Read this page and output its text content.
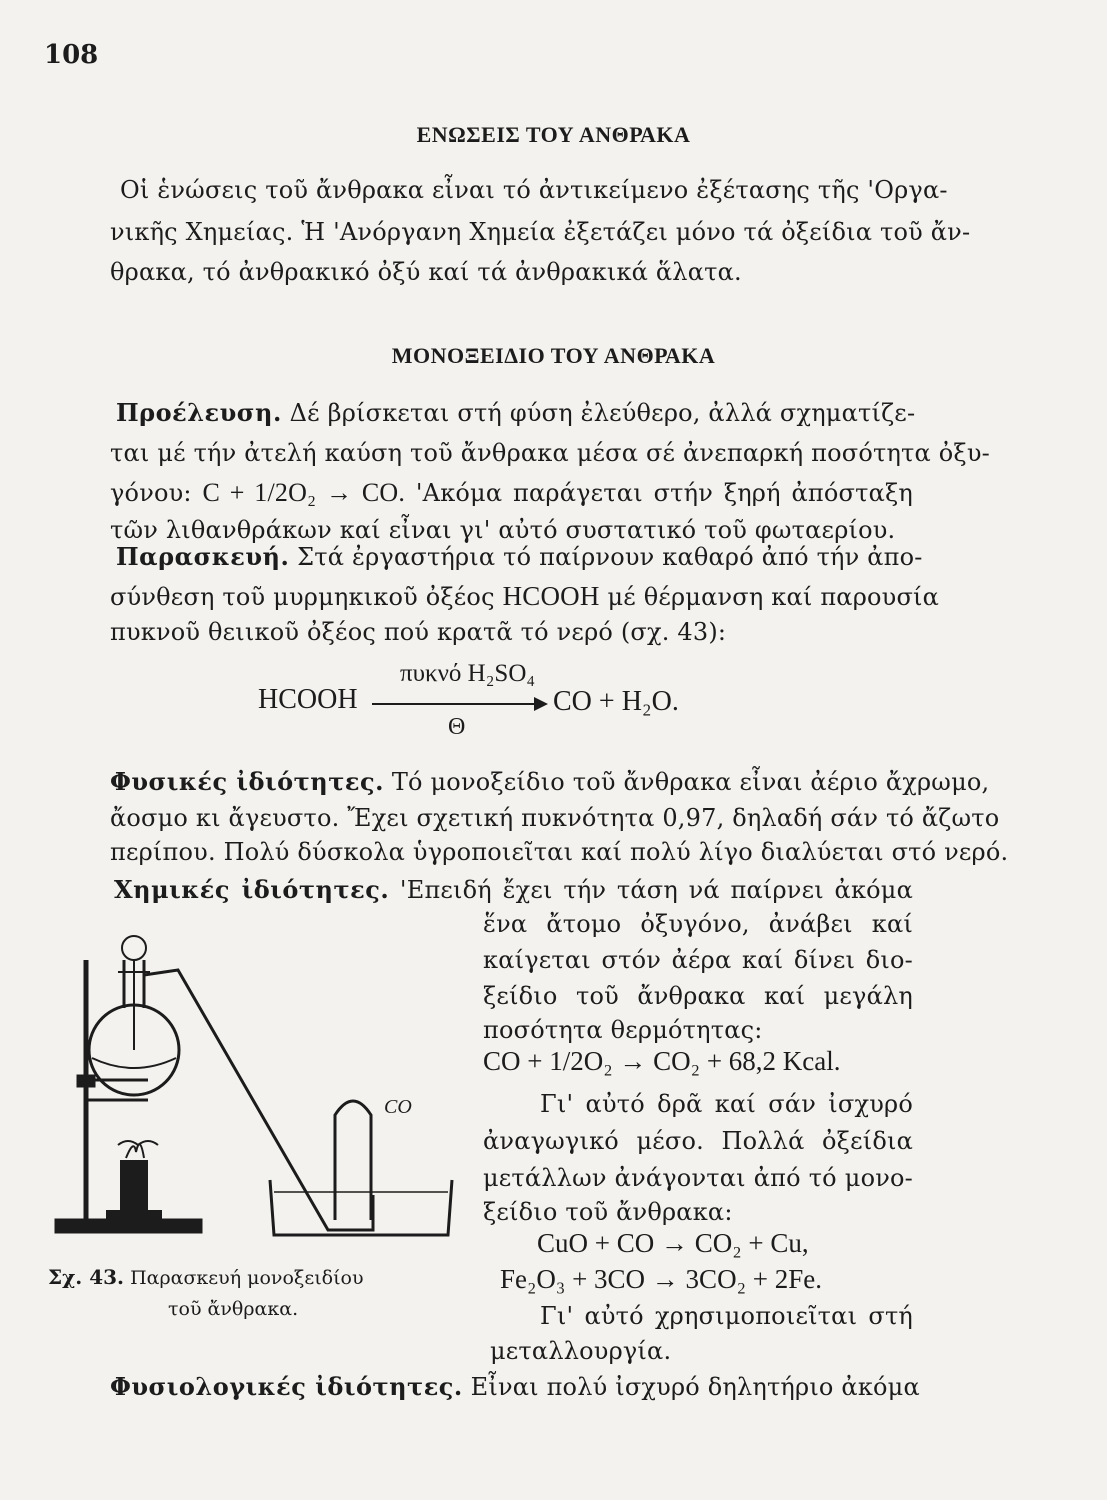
108
ΕΝΩΣΕΙΣ ΤΟΥ ΑΝΘΡΑΚΑ
Οἱ ἑνώσεις τοῦ ἄνθρακα εἶναι τό ἀντικείμενο ἐξέτασης τῆς 'Οργα-
νικῆς Χημείας. Ἡ 'Ανόργανη Χημεία ἐξετάζει μόνο τά ὀξείδια τοῦ ἄν-
θρακα, τό ἀνθρακικό ὀξύ καί τά ἀνθρακικά ἅλατα.
ΜΟΝΟΞΕΙΔΙΟ ΤΟΥ ΑΝΘΡΑΚΑ
Προέλευση. Δέ βρίσκεται στή φύση ἐλεύθερο, ἀλλά σχηματίζε-
ται μέ τήν ἀτελή καύση τοῦ ἄνθρακα μέσα σέ ἀνεπαρκή ποσότητα ὀξυ-
γόνου: C + 1/2O₂ → CO. 'Ακόμα παράγεται στήν ξηρή ἀπόσταξη
τῶν λιθανθράκων καί εἶναι γι' αὐτό συστατικό τοῦ φωταερίου.
Παρασκευή. Στά ἐργαστήρια τό παίρνουν καθαρό ἀπό τήν ἀπο-
σύνθεση τοῦ μυρμηκικοῦ ὀξέος HCOOH μέ θέρμανση καί παρουσία
πυκνοῦ θειικοῦ ὀξέος πού κρατᾶ τό νερό (σχ. 43):
HCOOH
πυκνό H₂SO₄
Θ
CO + H₂O.
Φυσικές ἰδιότητες. Τό μονοξείδιο τοῦ ἄνθρακα εἶναι ἀέριο ἄχρωμο,
ἄοσμο κι ἄγευστο. Ἔχει σχετική πυκνότητα 0,97, δηλαδή σάν τό ἄζωτο
περίπου. Πολύ δύσκολα ὑγροποιεῖται καί πολύ λίγο διαλύεται στό νερό.
Χημικές ἰδιότητες. 'Επειδή ἔχει τήν τάση νά παίρνει ἀκόμα
ἕνα ἄτομο ὀξυγόνο, ἀνάβει καί
καίγεται στόν ἀέρα καί δίνει διο-
ξείδιο τοῦ ἄνθρακα καί μεγάλη
ποσότητα θερμότητας:
CO + 1/2O₂ → CO₂ + 68,2 Kcal.
Γι' αὐτό δρᾶ καί σάν ἰσχυρό
ἀναγωγικό μέσο. Πολλά ὀξείδια
μετάλλων ἀνάγονται ἀπό τό μονο-
ξείδιο τοῦ ἄνθρακα:
CuO + CO → CO₂ + Cu,
Fe₂O₃ + 3CO → 3CO₂ + 2Fe.
Γι' αὐτό χρησιμοποιεῖται στή
μεταλλουργία.
Φυσιολογικές ἰδιότητες. Εἶναι πολύ ἰσχυρό δηλητήριο ἀκόμα
CO
Σχ. 43. Παρασκευή μονοξειδίου
τοῦ ἄνθρακα.
